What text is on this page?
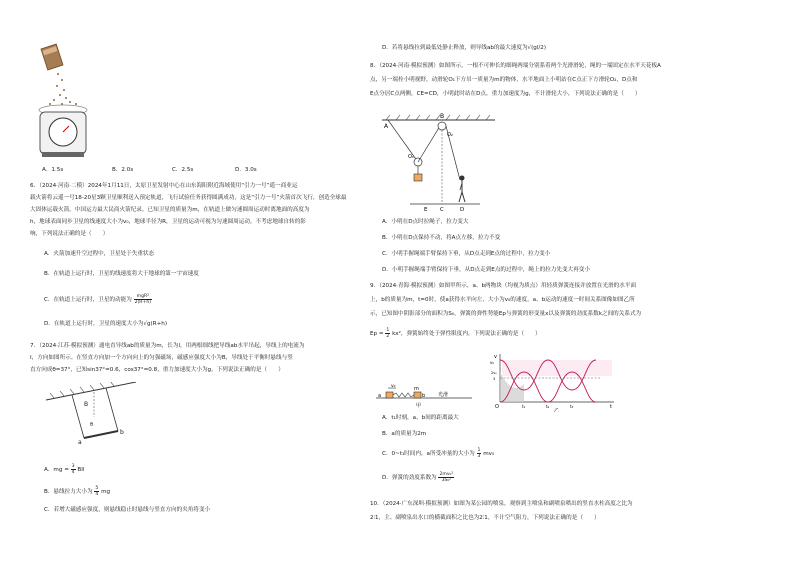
A．1.5s	B．2.0s	C．2.5s	D．3.0s
6．（2024·河南·二模）2024年1月11日，太原卫星发射中心在山东海阳附近海域使用“引力一号”遥一商业运
载火箭将云遥一号18-20星3颗卫星顺利送入预定轨道，飞行试验任务获得圆满成功，这是“引力一号”火箭首次飞行，创造全球最
大固体运载火箭，中国运力最大民商火箭纪录。已知卫星的质量为m，在轨道上做匀速圆周运动时离地面的高度为
h，地球表面同步卫星的线速度大小为v₀，地球半径为R，卫星的运动可视为匀速圆周运动，不考虑地球自转的影
响，下列说法正确的是（　　）
A．火箭加速升空过程中，卫星处于失重状态
B．在轨道上运行时，卫星的线速度将大于地球的第一宇宙速度
C．在轨道上运行时，卫星的动能为 $\frac{\text{mgR²}}{2(R+h)}$
D．在轨道上运行时，卫星的速度大小为√g(R+h)
7．（2024·江苏·模拟预测）通电直导线ab的质量为m，长为l，用两根细线把导线ab水平吊起，导线上的电流为
I，方向如图所示。在竖直方向加一个方向向上的匀强磁场，磁感应强度大小为B，导线处于平衡时悬线与竖
直方向成θ=37°，已知sin37°=0.6，cos37°=0.8，重力加速度大小为g。下列说法正确的是（　　）
B
a
b
θ
A．mg = $\frac{3}{4}$ BIl
B．悬线拉力大小为 $\frac{5}{4}$ mg
C．若增大磁感应强度，则悬线稳止时悬线与竖直方向的夹角将变小
D．若将悬线拉到最低处静止释放，则导线ab的最大速度为√(gl/2)
8．（2024·河南·模拟预测）如图所示，一根不可伸长的细绳两端分别系着两个光滑滑轮，绳的一端固定在水平天花板A
点，另一端拴小明视野，动滑轮O₁下方吊一质量为m的物体，水平地面上小明站在C点正下方滑轮O₂，D点和
E点分居C点两侧，CE=CD，小明此时站在D点，重力加速度为g，不计滑轮大小，下列说法正确的是（　　）
A
B
O₁
O₂
E C	D
A．小明在D点时拉绳子，拉力变大
B．小明在D点保持不动，将A点左移，拉力不变
C．小明手握绳端手臂保持下垂，从D点走到E点的过程中，拉力变小
D．小明手握绳端手臂保持下垂，从D点走到E点的过程中，绳上的拉力先变大再变小
9．（2024·青海·模拟预测）如图甲所示，a、b两物块（均视为质点）用轻质弹簧连接并放置在光滑的水平面
上，b的质量为m，t=0时，使a获得水平向左、大小为v₀的速度，a、b运动的速度一时间关系图像如图乙所
示，已知图中阴影部分的面积为S₀，弹簧的弹性势能Ep与弹簧的形变量x以及弹簧的劲度系数k之间的关系式为
$Ep = \frac{1}{2} kx^2$，弹簧始终处于弹性限度内，下列说法正确的是（　　）
a
v₀	m
b	光滑
甲
v
v₀
2v₀
3
O	t₁	t₂	t₃	t
乙
A．t₁时刻，a、b间的距离最大
B．a的质量为2m
C．0~t₁时间内，a所受冲量的大小为 $\frac{1}{3} mv_0$
D．弹簧的劲度系数为 $\frac{\text{2mv₀²}}{\text{3S₀²}}$
10．（2024·广东深圳·模拟预测）如图为某公园的喷泉，观察到主喷泉和副喷泉喷出的竖直水柱高度之比为
2∶1，主、副喷泉出水口的横截面积之比也为2∶1，不计空气阻力，下列说法正确的是（　　）
